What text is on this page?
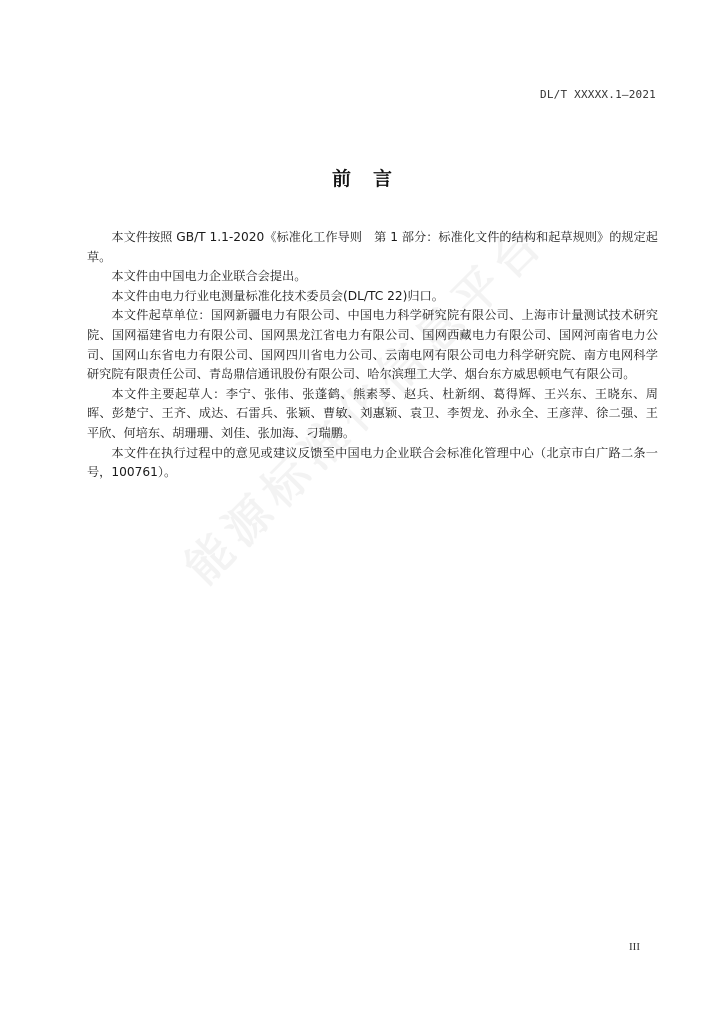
DL/T XXXXX.1—2021
前言

本文件按照 GB/T 1.1-2020《标准化工作导则　第 1 部分：标准化文件的结构和起草规则》的规定起草。

本文件由中国电力企业联合会提出。

本文件由电力行业电测量标准化技术委员会(DL/TC 22)归口。

本文件起草单位：国网新疆电力有限公司、中国电力科学研究院有限公司、上海市计量测试技术研究院、国网福建省电力有限公司、国网黑龙江省电力有限公司、国网西藏电力有限公司、国网河南省电力公司、国网山东省电力有限公司、国网四川省电力公司、云南电网有限公司电力科学研究院、南方电网科学研究院有限责任公司、青岛鼎信通讯股份有限公司、哈尔滨理工大学、烟台东方威思顿电气有限公司。

本文件主要起草人：李宁、张伟、张蓬鹤、熊素琴、赵兵、杜新纲、葛得辉、王兴东、王晓东、周晖、彭楚宁、王齐、成达、石雷兵、张颖、曹敏、刘惠颖、袁卫、李贺龙、孙永全、王彦萍、徐二强、王平欣、何培东、胡珊珊、刘佳、张加海、刁瑞鹏。

本文件在执行过程中的意见或建议反馈至中国电力企业联合会标准化管理中心（北京市白广路二条一号，100761）。

III
